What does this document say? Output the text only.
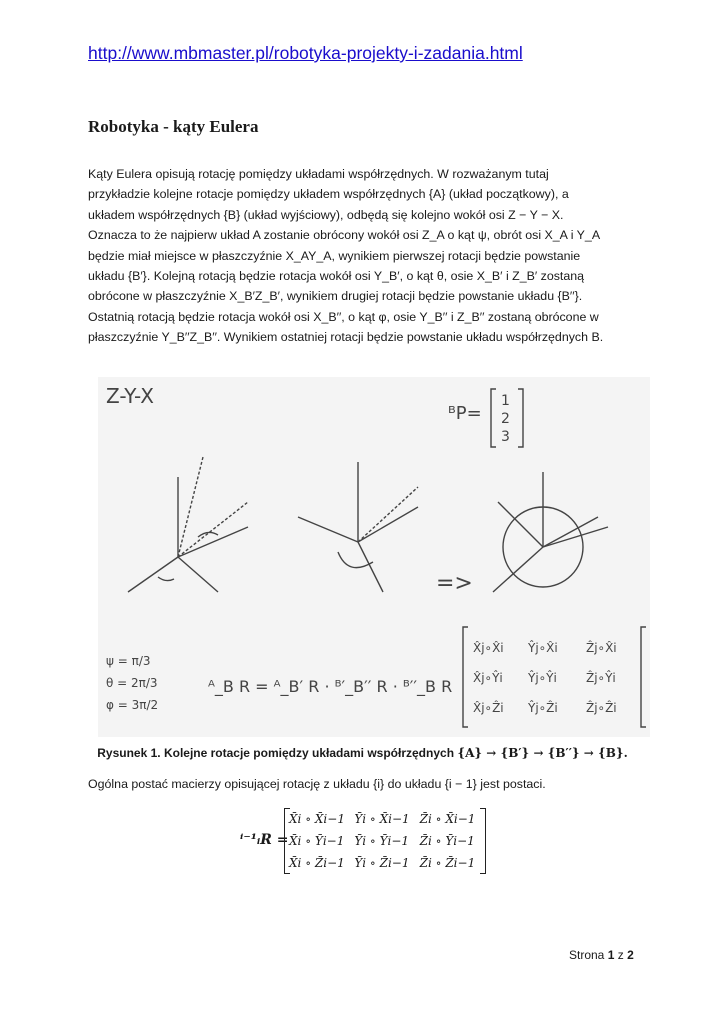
http://www.mbmaster.pl/robotyka-projekty-i-zadania.html
Robotyka - kąty Eulera
Kąty Eulera opisują rotację pomiędzy układami współrzędnych. W rozważanym tutaj
przykładzie kolejne rotacje pomiędzy układem współrzędnych {A} (układ początkowy), a
układem współrzędnych {B} (układ wyjściowy), odbędą się kolejno wokół osi Z − Y − X.
Oznacza to że najpierw układ A zostanie obrócony wokół osi Z_A o kąt ψ, obrót osi X_A i Y_A
będzie miał miejsce w płaszczyźnie X_AY_A, wynikiem pierwszej rotacji będzie powstanie
układu {B′}. Kolejną rotacją będzie rotacja wokół osi Y_B′, o kąt θ, osie X_B′ i Z_B′ zostaną
obrócone w płaszczyźnie X_B′Z_B′, wynikiem drugiej rotacji będzie powstanie układu {B′′}.
Ostatnią rotacją będzie rotacja wokół osi X_B′′, o kąt φ, osie Y_B′′ i Z_B′′ zostaną obrócone w
płaszczyźnie Y_B′′Z_B′′. Wynikiem ostatniej rotacji będzie powstanie układu współrzędnych B.
Z-Y-X
=>
ᴮP=
1
2
3
ψ = π/3
θ = 2π/3
φ = 3π/2
ᴬ_B R = ᴬ_B′ R · ᴮ′_B′′ R · ᴮ′′_B R
X̂j∘X̂i Ŷj∘X̂i Ẑj∘X̂i
X̂j∘Ŷi Ŷj∘Ŷi Ẑj∘Ŷi
X̂j∘Ẑi Ŷj∘Ẑi Ẑj∘Ẑi
Rysunek 1. Kolejne rotacje pomiędzy układami współrzędnych {A} → {B′} → {B′′} → {B}.
Ogólna postać macierzy opisującej rotację z układu {i} do układu {i − 1} jest postaci.
ⁱ⁻¹ᵢR =
X̄i ∘ X̄i−1 Ȳi ∘ X̄i−1 Z̄i ∘ X̄i−1
X̄i ∘ Ȳi−1 Ȳi ∘ Ȳi−1 Z̄i ∘ Ȳi−1
X̄i ∘ Z̄i−1 Ȳi ∘ Z̄i−1 Z̄i ∘ Z̄i−1
Strona 1 z 2
